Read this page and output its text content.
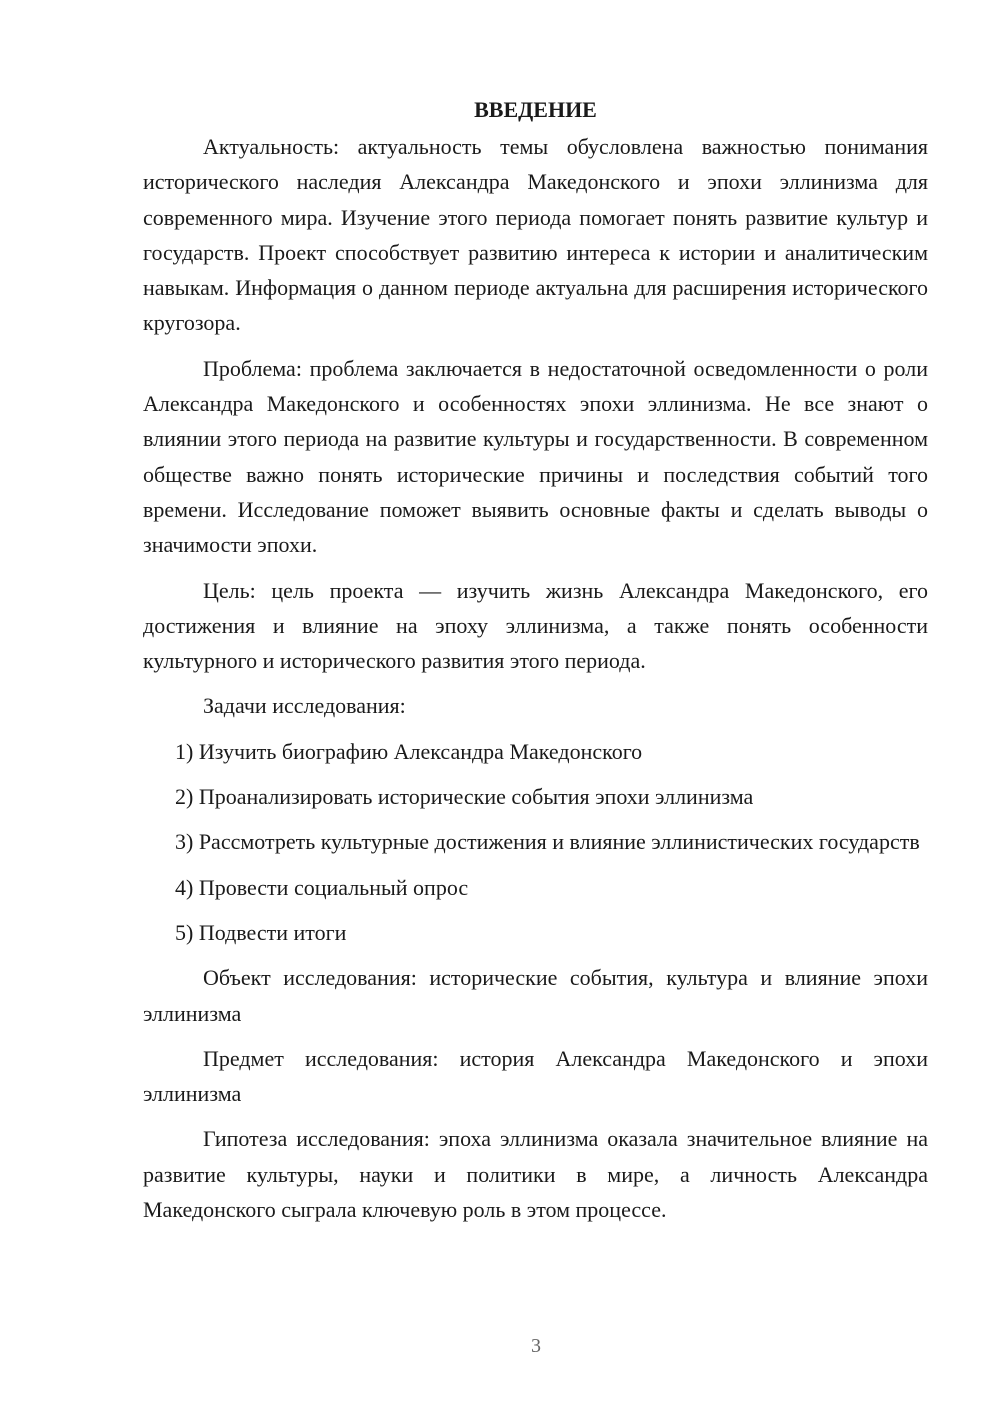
ВВЕДЕНИЕ

Актуальность: актуальность темы обусловлена важностью понимания исторического наследия Александра Македонского и эпохи эллинизма для современного мира. Изучение этого периода помогает понять развитие культур и государств. Проект способствует развитию интереса к истории и аналитическим навыкам. Информация о данном периоде актуальна для расширения исторического кругозора.

Проблема: проблема заключается в недостаточной осведомленности о роли Александра Македонского и особенностях эпохи эллинизма. Не все знают о влиянии этого периода на развитие культуры и государственности. В современном обществе важно понять исторические причины и последствия событий того времени. Исследование поможет выявить основные факты и сделать выводы о значимости эпохи.

Цель: цель проекта — изучить жизнь Александра Македонского, его достижения и влияние на эпоху эллинизма, а также понять особенности культурного и исторического развития этого периода.

Задачи исследования:

1) Изучить биографию Александра Македонского

2) Проанализировать исторические события эпохи эллинизма

3) Рассмотреть культурные достижения и влияние эллинистических государств

4) Провести социальный опрос

5) Подвести итоги

Объект исследования: исторические события, культура и влияние эпохи эллинизма

Предмет исследования: история Александра Македонского и эпохи эллинизма

Гипотеза исследования: эпоха эллинизма оказала значительное влияние на развитие культуры, науки и политики в мире, а личность Александра Македонского сыграла ключевую роль в этом процессе.

3
